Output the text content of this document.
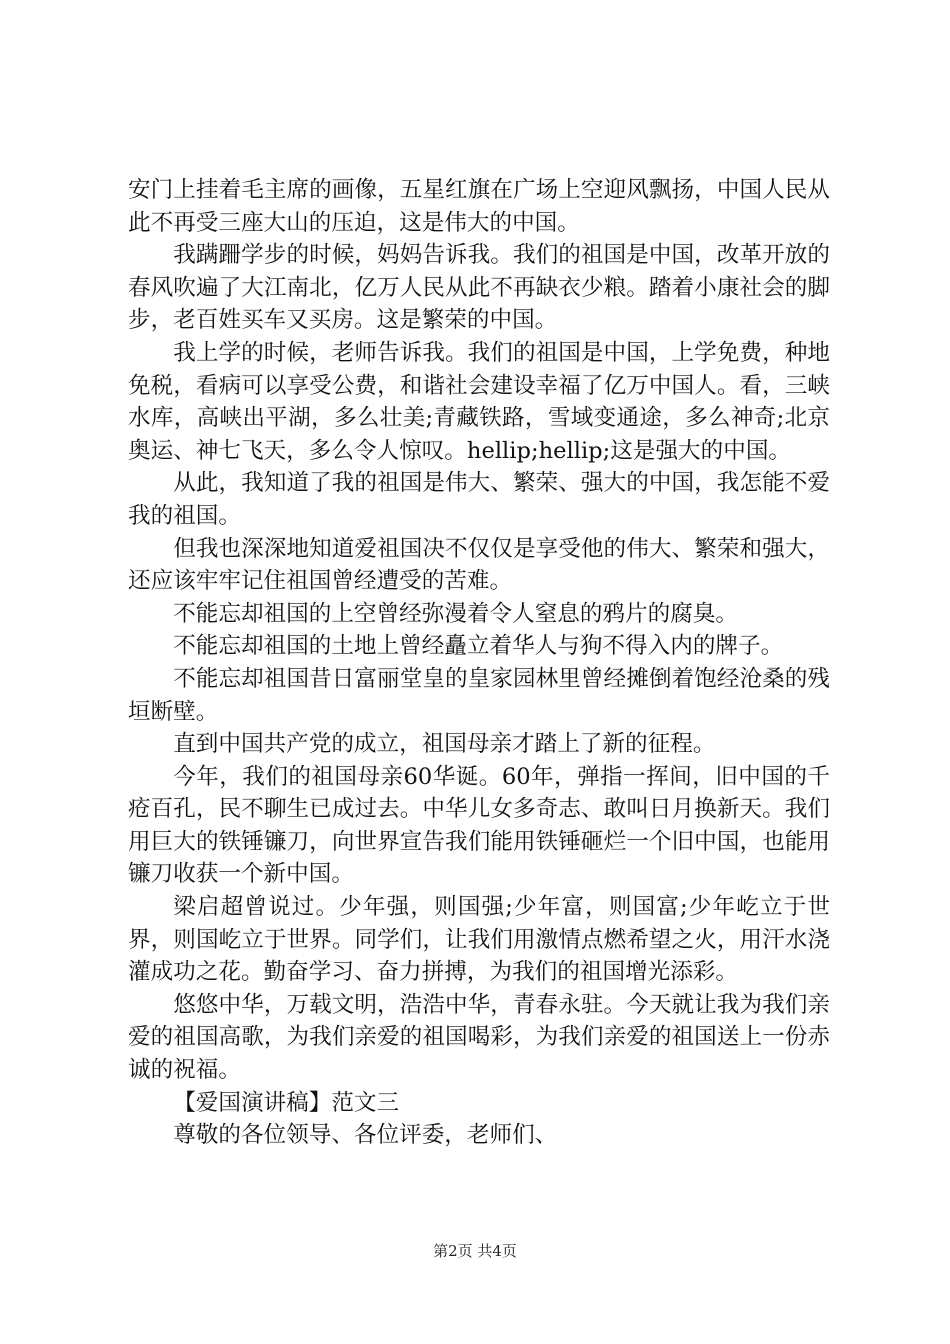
安门上挂着毛主席的画像，五星红旗在广场上空迎风飘扬，中国人民从此不再受三座大山的压迫，这是伟大的中国。

我蹒跚学步的时候，妈妈告诉我。我们的祖国是中国，改革开放的春风吹遍了大江南北，亿万人民从此不再缺衣少粮。踏着小康社会的脚步，老百姓买车又买房。这是繁荣的中国。

我上学的时候，老师告诉我。我们的祖国是中国，上学免费，种地免税，看病可以享受公费，和谐社会建设幸福了亿万中国人。看，三峡水库，高峡出平湖，多么壮美;青藏铁路，雪域变通途，多么神奇;北京奥运、神七飞天，多么令人惊叹。hellip;hellip;这是强大的中国。

从此，我知道了我的祖国是伟大、繁荣、强大的中国，我怎能不爱我的祖国。

但我也深深地知道爱祖国决不仅仅是享受他的伟大、繁荣和强大，还应该牢牢记住祖国曾经遭受的苦难。

不能忘却祖国的上空曾经弥漫着令人窒息的鸦片的腐臭。

不能忘却祖国的土地上曾经矗立着华人与狗不得入内的牌子。

不能忘却祖国昔日富丽堂皇的皇家园林里曾经摊倒着饱经沧桑的残垣断壁。

直到中国共产党的成立，祖国母亲才踏上了新的征程。

今年，我们的祖国母亲60华诞。60年，弹指一挥间，旧中国的千疮百孔，民不聊生已成过去。中华儿女多奇志、敢叫日月换新天。我们用巨大的铁锤镰刀，向世界宣告我们能用铁锤砸烂一个旧中国，也能用镰刀收获一个新中国。

梁启超曾说过。少年强，则国强;少年富，则国富;少年屹立于世界，则国屹立于世界。同学们，让我们用激情点燃希望之火，用汗水浇灌成功之花。勤奋学习、奋力拼搏，为我们的祖国增光添彩。

悠悠中华，万载文明，浩浩中华，青春永驻。今天就让我为我们亲爱的祖国高歌，为我们亲爱的祖国喝彩，为我们亲爱的祖国送上一份赤诚的祝福。

【爱国演讲稿】范文三

尊敬的各位领导、各位评委，老师们、

第2页 共4页
